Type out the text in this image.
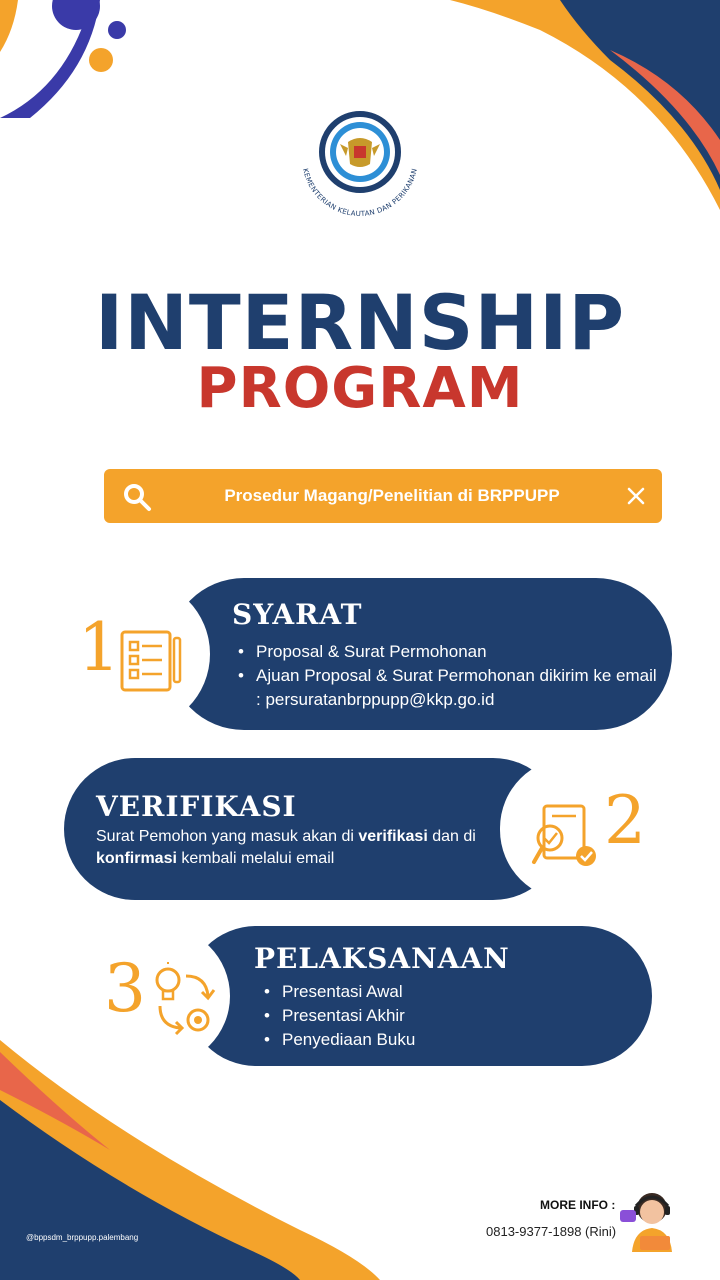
KEMENTERIAN KELAUTAN DAN PERIKANAN
INTERNSHIP
PROGRAM
Prosedur Magang/Penelitian di BRPPUPP
1	SYARAT
• Proposal & Surat Permohonan
• Ajuan Proposal & Surat Permohonan dikirim ke email : persuratanbrppupp@kkp.go.id
2
VERIFIKASI
Surat Pemohon yang masuk akan di verifikasi dan di konfirmasi kembali melalui email
3	PELAKSANAAN
• Presentasi Awal
• Presentasi Akhir
• Penyediaan Buku
@bppsdm_brppupp.palembang
MORE INFO :
0813-9377-1898 (Rini)
